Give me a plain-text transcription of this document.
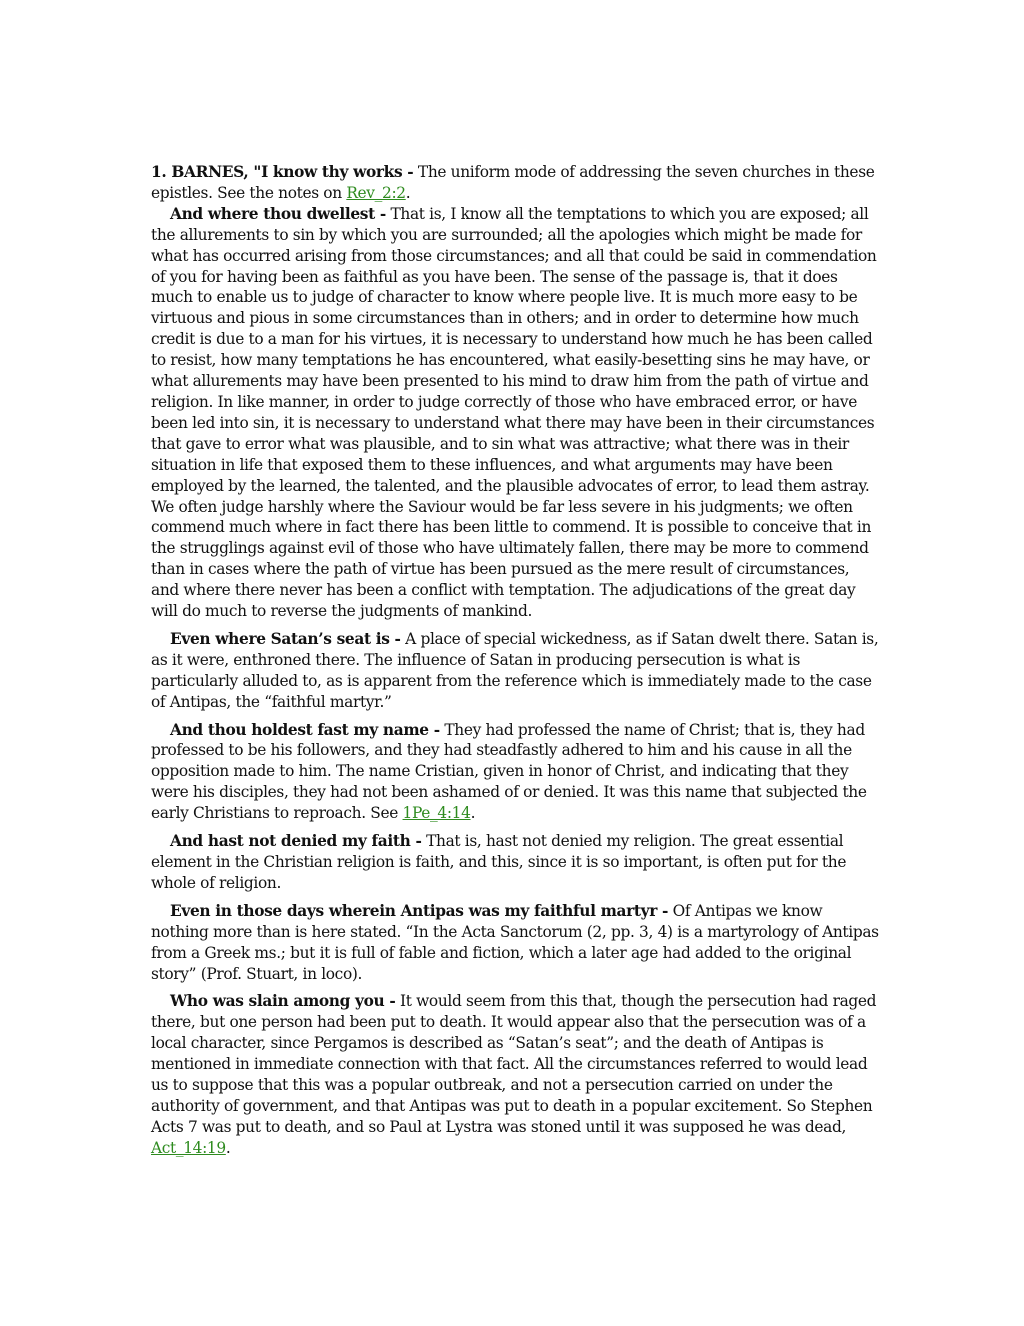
1. BARNES, "I know thy works - The uniform mode of addressing the seven churches in these epistles. See the notes on Rev_2:2.

And where thou dwellest - That is, I know all the temptations to which you are exposed; all the allurements to sin by which you are surrounded; all the apologies which might be made for what has occurred arising from those circumstances; and all that could be said in commendation of you for having been as faithful as you have been. The sense of the passage is, that it does much to enable us to judge of character to know where people live. It is much more easy to be virtuous and pious in some circumstances than in others; and in order to determine how much credit is due to a man for his virtues, it is necessary to understand how much he has been called to resist, how many temptations he has encountered, what easily-besetting sins he may have, or what allurements may have been presented to his mind to draw him from the path of virtue and religion. In like manner, in order to judge correctly of those who have embraced error, or have been led into sin, it is necessary to understand what there may have been in their circumstances that gave to error what was plausible, and to sin what was attractive; what there was in their situation in life that exposed them to these influences, and what arguments may have been employed by the learned, the talented, and the plausible advocates of error, to lead them astray. We often judge harshly where the Saviour would be far less severe in his judgments; we often commend much where in fact there has been little to commend. It is possible to conceive that in the strugglings against evil of those who have ultimately fallen, there may be more to commend than in cases where the path of virtue has been pursued as the mere result of circumstances, and where there never has been a conflict with temptation. The adjudications of the great day will do much to reverse the judgments of mankind.

Even where Satan’s seat is - A place of special wickedness, as if Satan dwelt there. Satan is, as it were, enthroned there. The influence of Satan in producing persecution is what is particularly alluded to, as is apparent from the reference which is immediately made to the case of Antipas, the “faithful martyr.”

And thou holdest fast my name - They had professed the name of Christ; that is, they had professed to be his followers, and they had steadfastly adhered to him and his cause in all the opposition made to him. The name Cristian, given in honor of Christ, and indicating that they were his disciples, they had not been ashamed of or denied. It was this name that subjected the early Christians to reproach. See 1Pe_4:14.

And hast not denied my faith - That is, hast not denied my religion. The great essential element in the Christian religion is faith, and this, since it is so important, is often put for the whole of religion.

Even in those days wherein Antipas was my faithful martyr - Of Antipas we know nothing more than is here stated. “In the Acta Sanctorum (2, pp. 3, 4) is a martyrology of Antipas from a Greek ms.; but it is full of fable and fiction, which a later age had added to the original story” (Prof. Stuart, in loco).

Who was slain among you - It would seem from this that, though the persecution had raged there, but one person had been put to death. It would appear also that the persecution was of a local character, since Pergamos is described as “Satan’s seat”; and the death of Antipas is mentioned in immediate connection with that fact. All the circumstances referred to would lead us to suppose that this was a popular outbreak, and not a persecution carried on under the authority of government, and that Antipas was put to death in a popular excitement. So Stephen Acts 7 was put to death, and so Paul at Lystra was stoned until it was supposed he was dead, Act_14:19.
